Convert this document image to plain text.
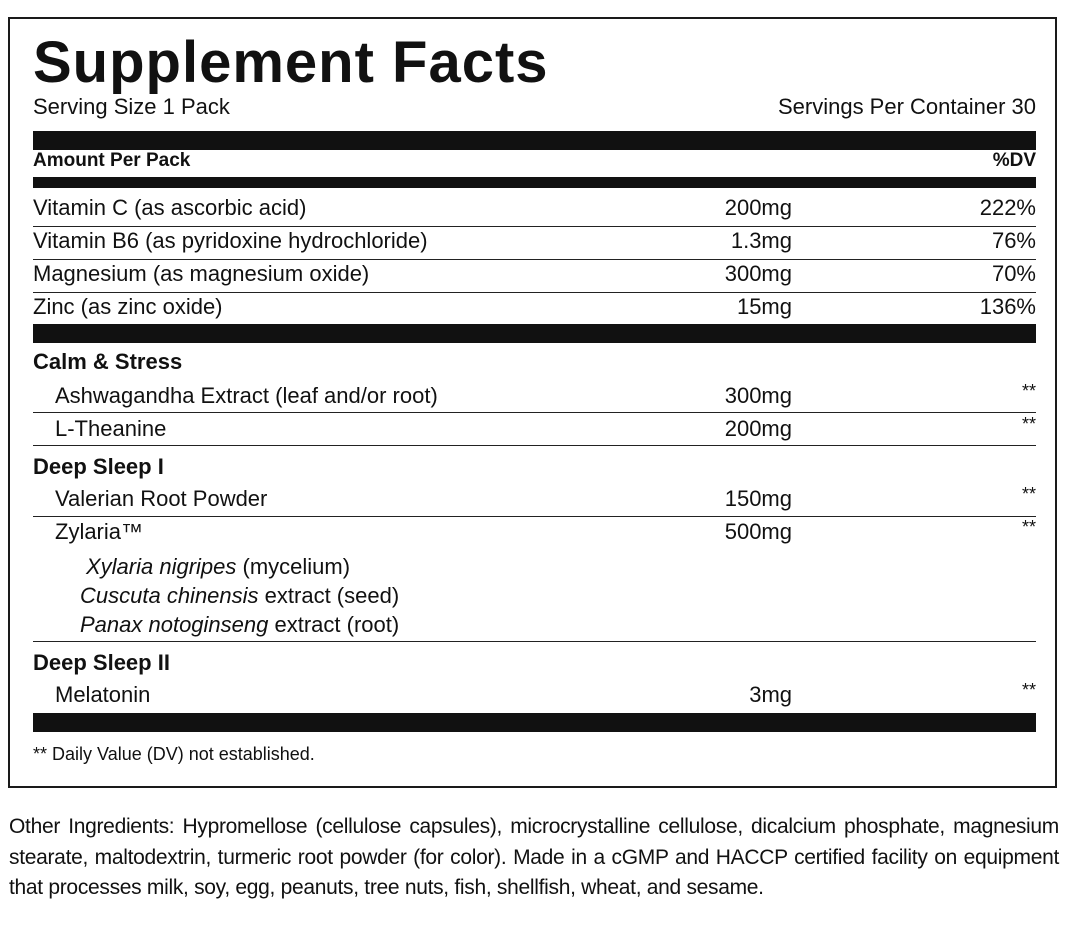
Supplement Facts
Serving Size 1 Pack	Servings Per Container 30
Amount Per Pack	%DV
Vitamin C (as ascorbic acid)	200mg	222%
Vitamin B6 (as pyridoxine hydrochloride)	1.3mg	76%
Magnesium (as magnesium oxide)	300mg	70%
Zinc (as zinc oxide)	15mg	136%
Calm & Stress
Ashwagandha Extract (leaf and/or root)	300mg	**
L-Theanine	200mg	**
Deep Sleep I
Valerian Root Powder	150mg	**
Zylaria™	500mg	**
Xylaria nigripes (mycelium)
Cuscuta chinensis extract (seed)
Panax notoginseng extract (root)
Deep Sleep II
Melatonin	3mg	**
** Daily Value (DV) not established.
Other Ingredients: Hypromellose (cellulose capsules), microcrystalline cellulose, dicalcium phosphate, magnesium stearate, maltodextrin, turmeric root powder (for color). Made in a cGMP and HACCP certified facility on equipment that processes milk, soy, egg, peanuts, tree nuts, fish, shellfish, wheat, and sesame.
